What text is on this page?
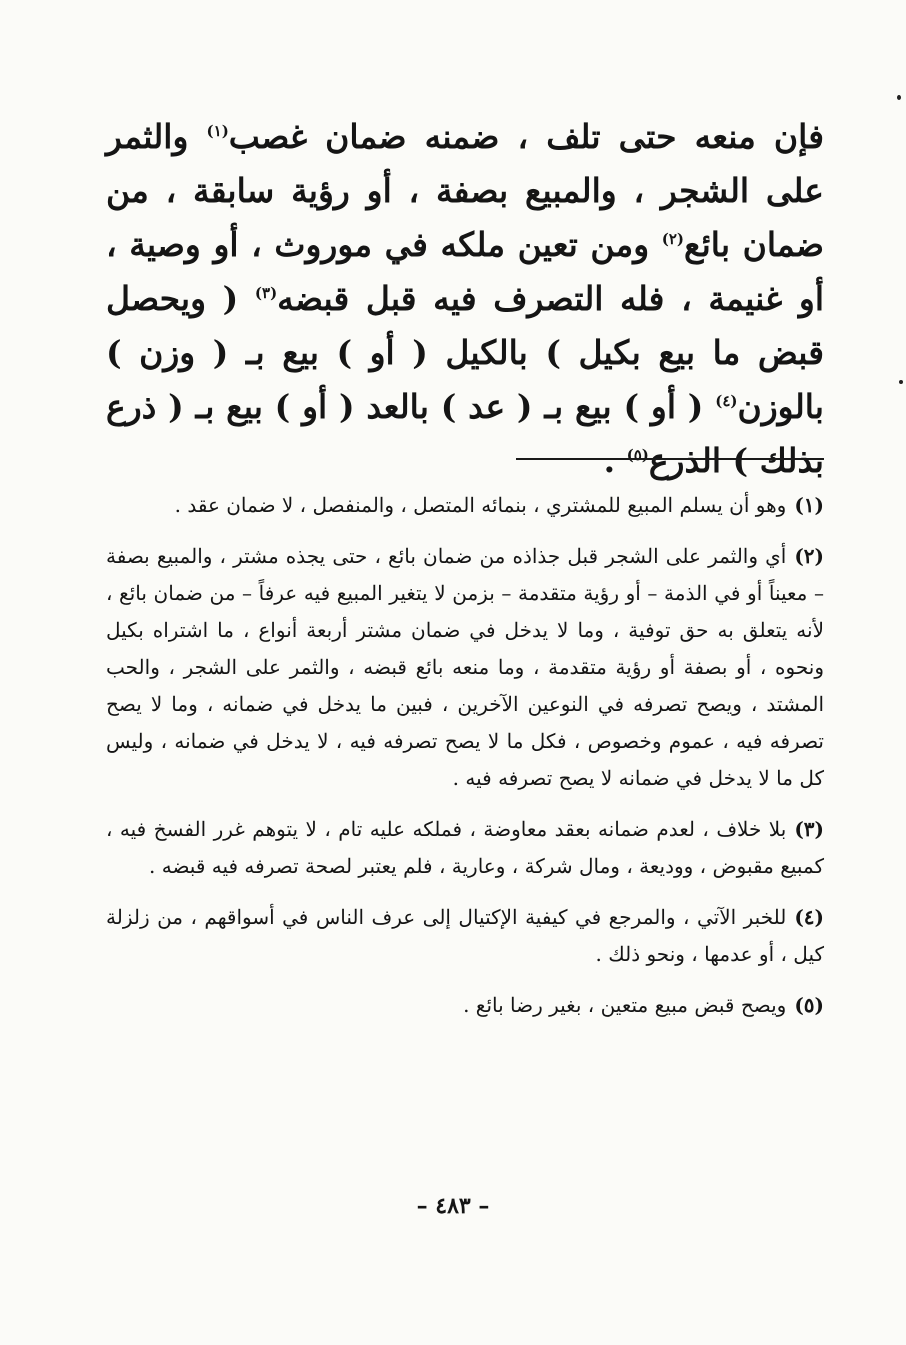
فإن منعه حتى تلف ، ضمنه ضمان غصب$^{(١)}$ والثمر على الشجر ، والمبيع بصفة ، أو رؤية سابقة ، من ضمان بائع$^{(٢)}$ ومن تعين ملكه في موروث ، أو وصية ، أو غنيمة ، فله التصرف فيه قبل قبضه$^{(٣)}$ ( ويحصل قبض ما بيع بكيل ) بالكيل ( أو ) بيع بـ ( وزن ) بالوزن$^{(٤)}$ ( أو ) بيع بـ ( عد ) بالعد ( أو ) بيع بـ ( ذرع بذلك ) الذرع$^{(٥)}$ .

(١)وهو أن يسلم المبيع للمشتري ، بنمائه المتصل ، والمنفصل ، لا ضمان عقد .

(٢)أي والثمر على الشجر قبل جذاذه من ضمان بائع ، حتى يجذه مشتر ، والمبيع بصفة – معيناً أو في الذمة – أو رؤية متقدمة – بزمن لا يتغير المبيع فيه عرفاً – من ضمان بائع ، لأنه يتعلق به حق توفية ، وما لا يدخل في ضمان مشتر أربعة أنواع ، ما اشتراه بكيل ونحوه ، أو بصفة أو رؤية متقدمة ، وما منعه بائع قبضه ، والثمر على الشجر ، والحب المشتد ، ويصح تصرفه في النوعين الآخرين ، فبين ما يدخل في ضمانه ، وما لا يصح تصرفه فيه ، عموم وخصوص ، فكل ما لا يصح تصرفه فيه ، لا يدخل في ضمانه ، وليس كل ما لا يدخل في ضمانه لا يصح تصرفه فيه .

(٣)بلا خلاف ، لعدم ضمانه بعقد معاوضة ، فملكه عليه تام ، لا يتوهم غرر الفسخ فيه ، كمبيع مقبوض ، ووديعة ، ومال شركة ، وعارية ، فلم يعتبر لصحة تصرفه فيه قبضه .

(٤)للخبر الآتي ، والمرجع في كيفية الإكتيال إلى عرف الناس في أسواقهم ، من زلزلة كيل ، أو عدمها ، ونحو ذلك .

(٥)ويصح قبض مبيع متعين ، بغير رضا بائع .

– ٤٨٣ –
